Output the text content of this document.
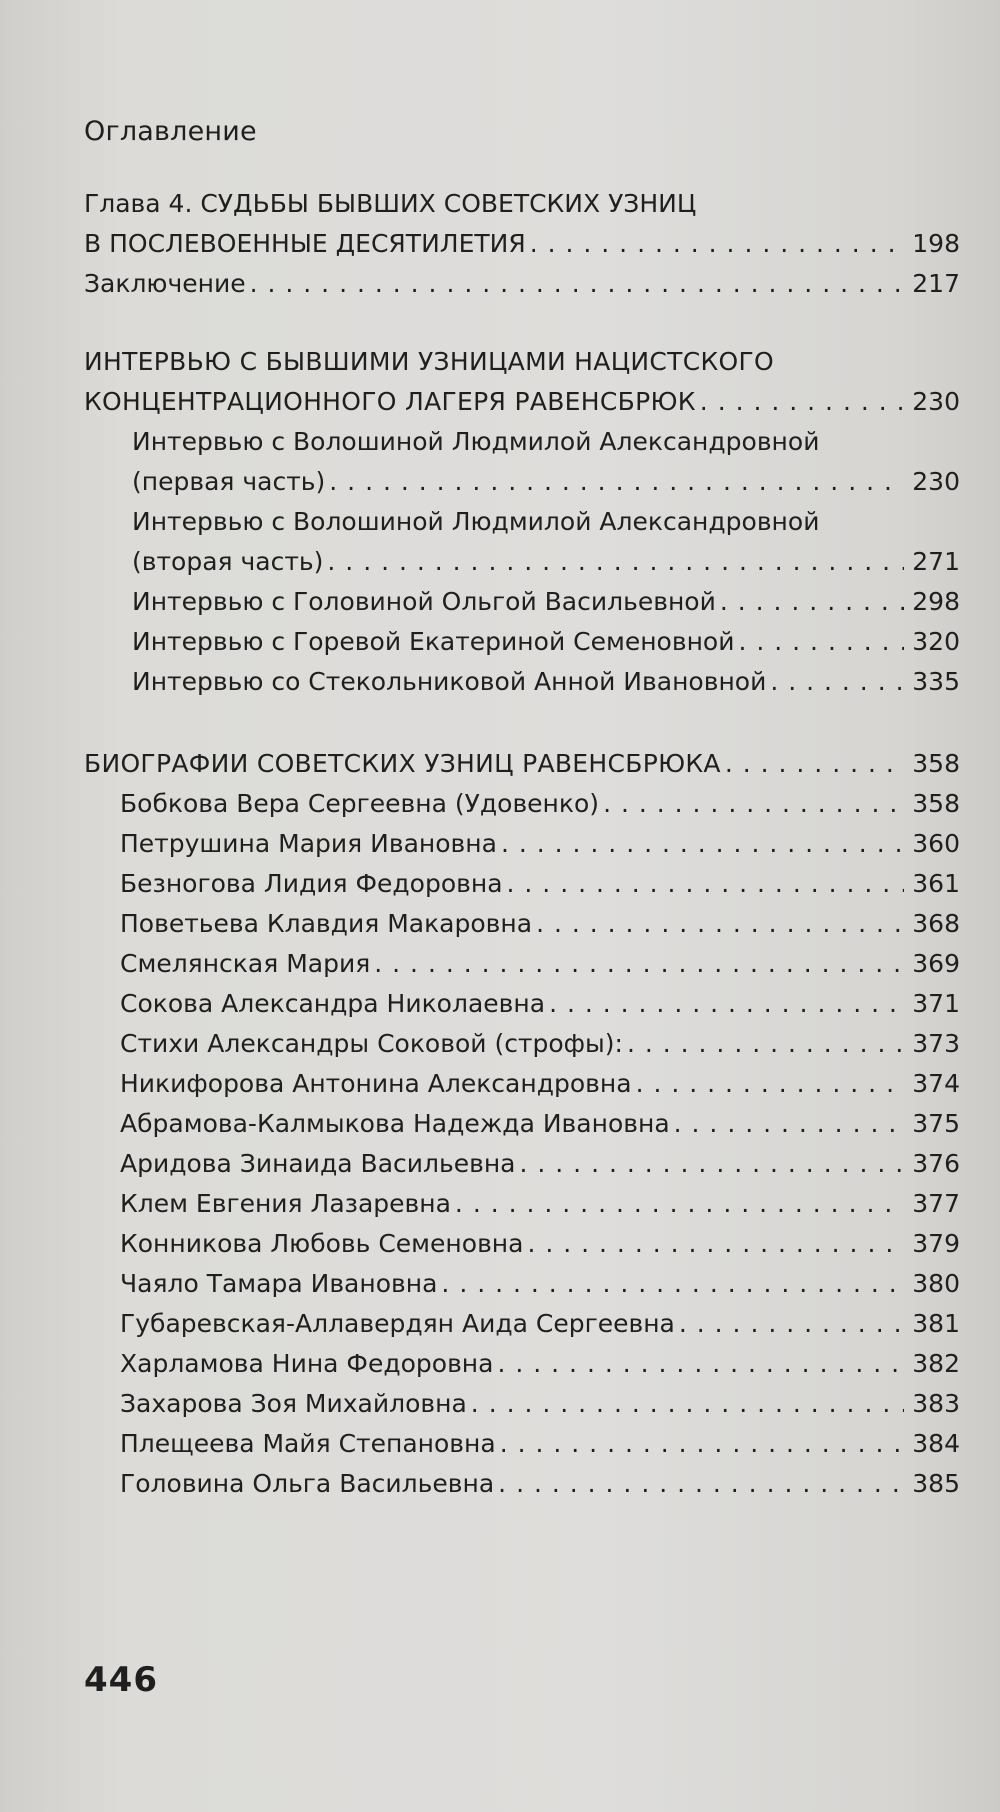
Оглавление
Глава 4. СУДЬБЫ БЫВШИХ СОВЕТСКИХ УЗНИЦ
В ПОСЛЕВОЕННЫЕ ДЕСЯТИЛЕТИЯ . . .	198
Заключение . . .	217
ИНТЕРВЬЮ С БЫВШИМИ УЗНИЦАМИ НАЦИСТСКОГО
КОНЦЕНТРАЦИОННОГО ЛАГЕРЯ РАВЕНСБРЮК . . .	230
Интервью с Волошиной Людмилой Александровной
(первая часть) . . .	230
Интервью с Волошиной Людмилой Александровной
(вторая часть) . . .	271
Интервью с Головиной Ольгой Васильевной . . .	298
Интервью с Горевой Екатериной Семеновной . . .	320
Интервью со Стекольниковой Анной Ивановной . . .	335
БИОГРАФИИ СОВЕТСКИХ УЗНИЦ РАВЕНСБРЮКА . . .	358
Бобкова Вера Сергеевна (Удовенко) . . .	358
Петрушина Мария Ивановна . . .	360
Безногова Лидия Федоровна . . .	361
Поветьева Клавдия Макаровна . . .	368
Смелянская Мария . . .	369
Сокова Александра Николаевна . . .	371
Стихи Александры Соковой (строфы): . . .	373
Никифорова Антонина Александровна . . .	374
Абрамова-Калмыкова Надежда Ивановна . . .	375
Аридова Зинаида Васильевна . . .	376
Клем Евгения Лазаревна . . .	377
Конникова Любовь Семеновна . . .	379
Чаяло Тамара Ивановна . . .	380
Губаревская-Аллавердян Аида Сергеевна . . .	381
Харламова Нина Федоровна . . .	382
Захарова Зоя Михайловна . . .	383
Плещеева Майя Степановна . . .	384
Головина Ольга Васильевна . . .	385
446
